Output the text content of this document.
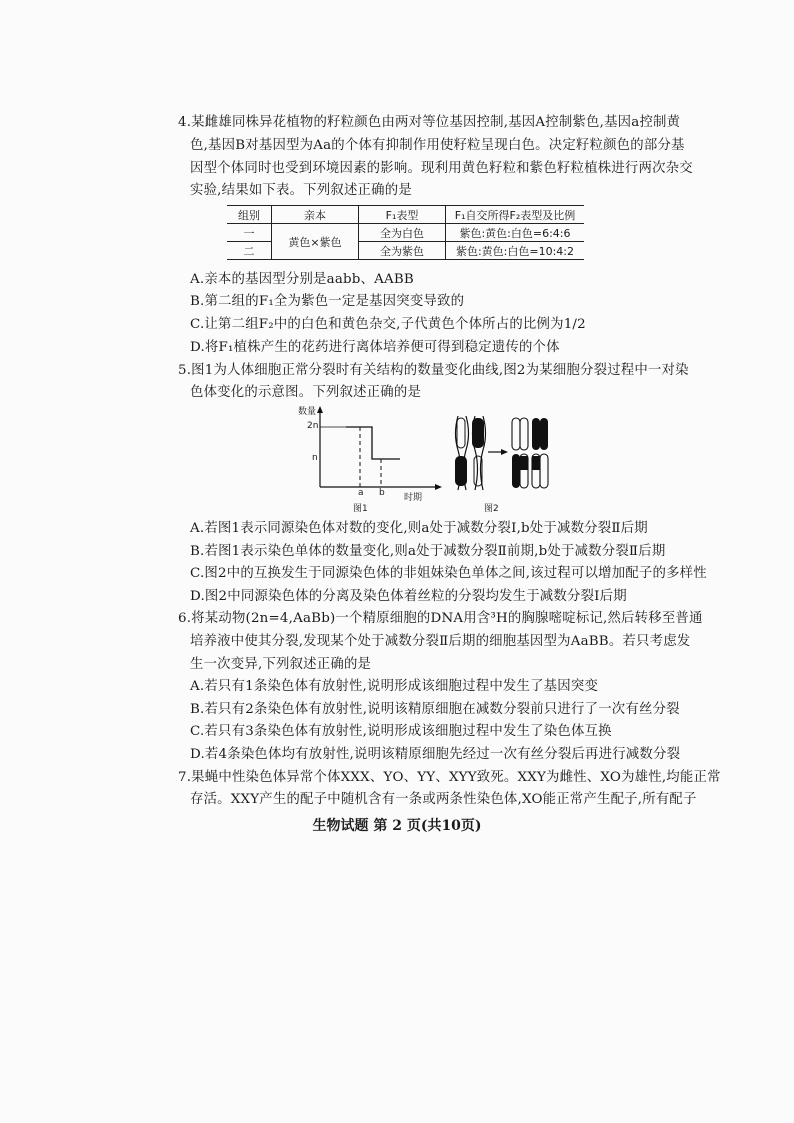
4.某雌雄同株异花植物的籽粒颜色由两对等位基因控制,基因A控制紫色,基因a控制黄
色,基因B对基因型为Aa的个体有抑制作用使籽粒呈现白色。决定籽粒颜色的部分基
因型个体同时也受到环境因素的影响。现利用黄色籽粒和紫色籽粒植株进行两次杂交
实验,结果如下表。下列叙述正确的是
组别	亲本	F₁表型	F₁自交所得F₂表型及比例
一	黄色×紫色	全为白色	紫色:黄色:白色=6:4:6
二		全为紫色	紫色:黄色:白色=10:4:2
A.亲本的基因型分别是aabb、AABB
B.第二组的F₁全为紫色一定是基因突变导致的
C.让第二组F₂中的白色和黄色杂交,子代黄色个体所占的比例为1/2
D.将F₁植株产生的花药进行离体培养便可得到稳定遗传的个体
5.图1为人体细胞正常分裂时有关结构的数量变化曲线,图2为某细胞分裂过程中一对染
色体变化的示意图。下列叙述正确的是
数量
2n
n
a b 时期
图1	图2
A.若图1表示同源染色体对数的变化,则a处于减数分裂Ⅰ,b处于减数分裂Ⅱ后期
B.若图1表示染色单体的数量变化,则a处于减数分裂Ⅱ前期,b处于减数分裂Ⅱ后期
C.图2中的互换发生于同源染色体的非姐妹染色单体之间,该过程可以增加配子的多样性
D.图2中同源染色体的分离及染色体着丝粒的分裂均发生于减数分裂Ⅰ后期
6.将某动物(2n=4,AaBb)一个精原细胞的DNA用含³H的胸腺嘧啶标记,然后转移至普通
培养液中使其分裂,发现某个处于减数分裂Ⅱ后期的细胞基因型为AaBB。若只考虑发
生一次变异,下列叙述正确的是
A.若只有1条染色体有放射性,说明形成该细胞过程中发生了基因突变
B.若只有2条染色体有放射性,说明该精原细胞在减数分裂前只进行了一次有丝分裂
C.若只有3条染色体有放射性,说明形成该细胞过程中发生了染色体互换
D.若4条染色体均有放射性,说明该精原细胞先经过一次有丝分裂后再进行减数分裂
7.果蝇中性染色体异常个体XXX、YO、YY、XYY致死。XXY为雌性、XO为雄性,均能正常
存活。XXY产生的配子中随机含有一条或两条性染色体,XO能正常产生配子,所有配子
生物试题 第 2 页(共10页)
